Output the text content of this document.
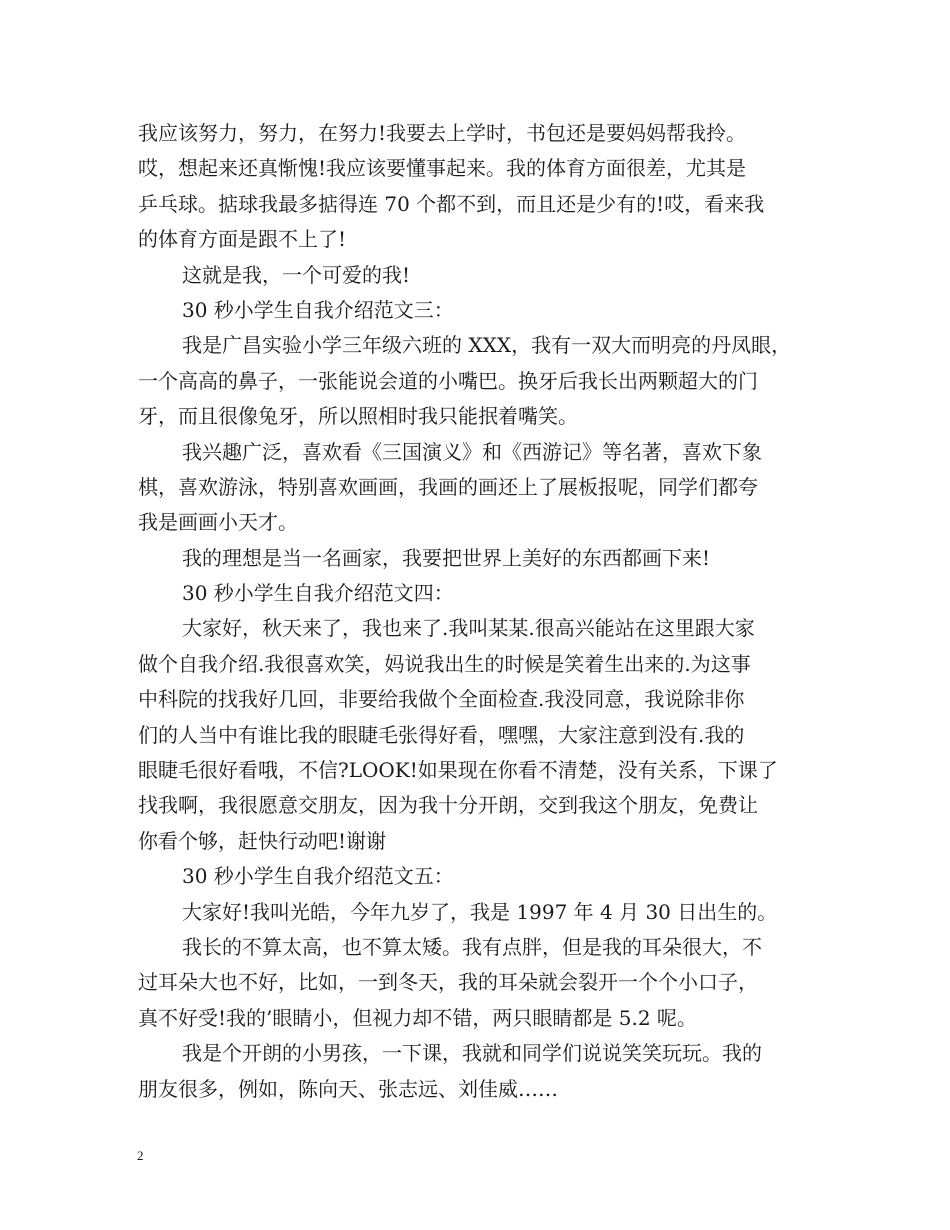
我应该努力，努力，在努力!我要去上学时，书包还是要妈妈帮我拎。
哎，想起来还真惭愧!我应该要懂事起来。我的体育方面很差，尤其是
乒乓球。掂球我最多掂得连 70 个都不到，而且还是少有的!哎，看来我
的体育方面是跟不上了!
这就是我，一个可爱的我!
30 秒小学生自我介绍范文三：
我是广昌实验小学三年级六班的 XXX，我有一双大而明亮的丹凤眼，
一个高高的鼻子，一张能说会道的小嘴巴。换牙后我长出两颗超大的门
牙，而且很像兔牙，所以照相时我只能抿着嘴笑。
我兴趣广泛，喜欢看《三国演义》和《西游记》等名著，喜欢下象
棋，喜欢游泳，特别喜欢画画，我画的画还上了展板报呢，同学们都夸
我是画画小天才。
我的理想是当一名画家，我要把世界上美好的东西都画下来!
30 秒小学生自我介绍范文四：
大家好，秋天来了，我也来了.我叫某某.很高兴能站在这里跟大家
做个自我介绍.我很喜欢笑，妈说我出生的时候是笑着生出来的.为这事
中科院的找我好几回，非要给我做个全面检查.我没同意，我说除非你
们的人当中有谁比我的眼睫毛张得好看，嘿嘿，大家注意到没有.我的
眼睫毛很好看哦，不信?LOOK!如果现在你看不清楚，没有关系，下课了
找我啊，我很愿意交朋友，因为我十分开朗，交到我这个朋友，免费让
你看个够，赶快行动吧!谢谢
30 秒小学生自我介绍范文五：
大家好!我叫光皓，今年九岁了，我是 1997 年 4 月 30 日出生的。
我长的不算太高，也不算太矮。我有点胖，但是我的耳朵很大，不
过耳朵大也不好，比如，一到冬天，我的耳朵就会裂开一个个小口子，
真不好受!我的’眼睛小，但视力却不错，两只眼睛都是 5.2 呢。
我是个开朗的小男孩，一下课，我就和同学们说说笑笑玩玩。我的
朋友很多，例如，陈向天、张志远、刘佳威……
2
